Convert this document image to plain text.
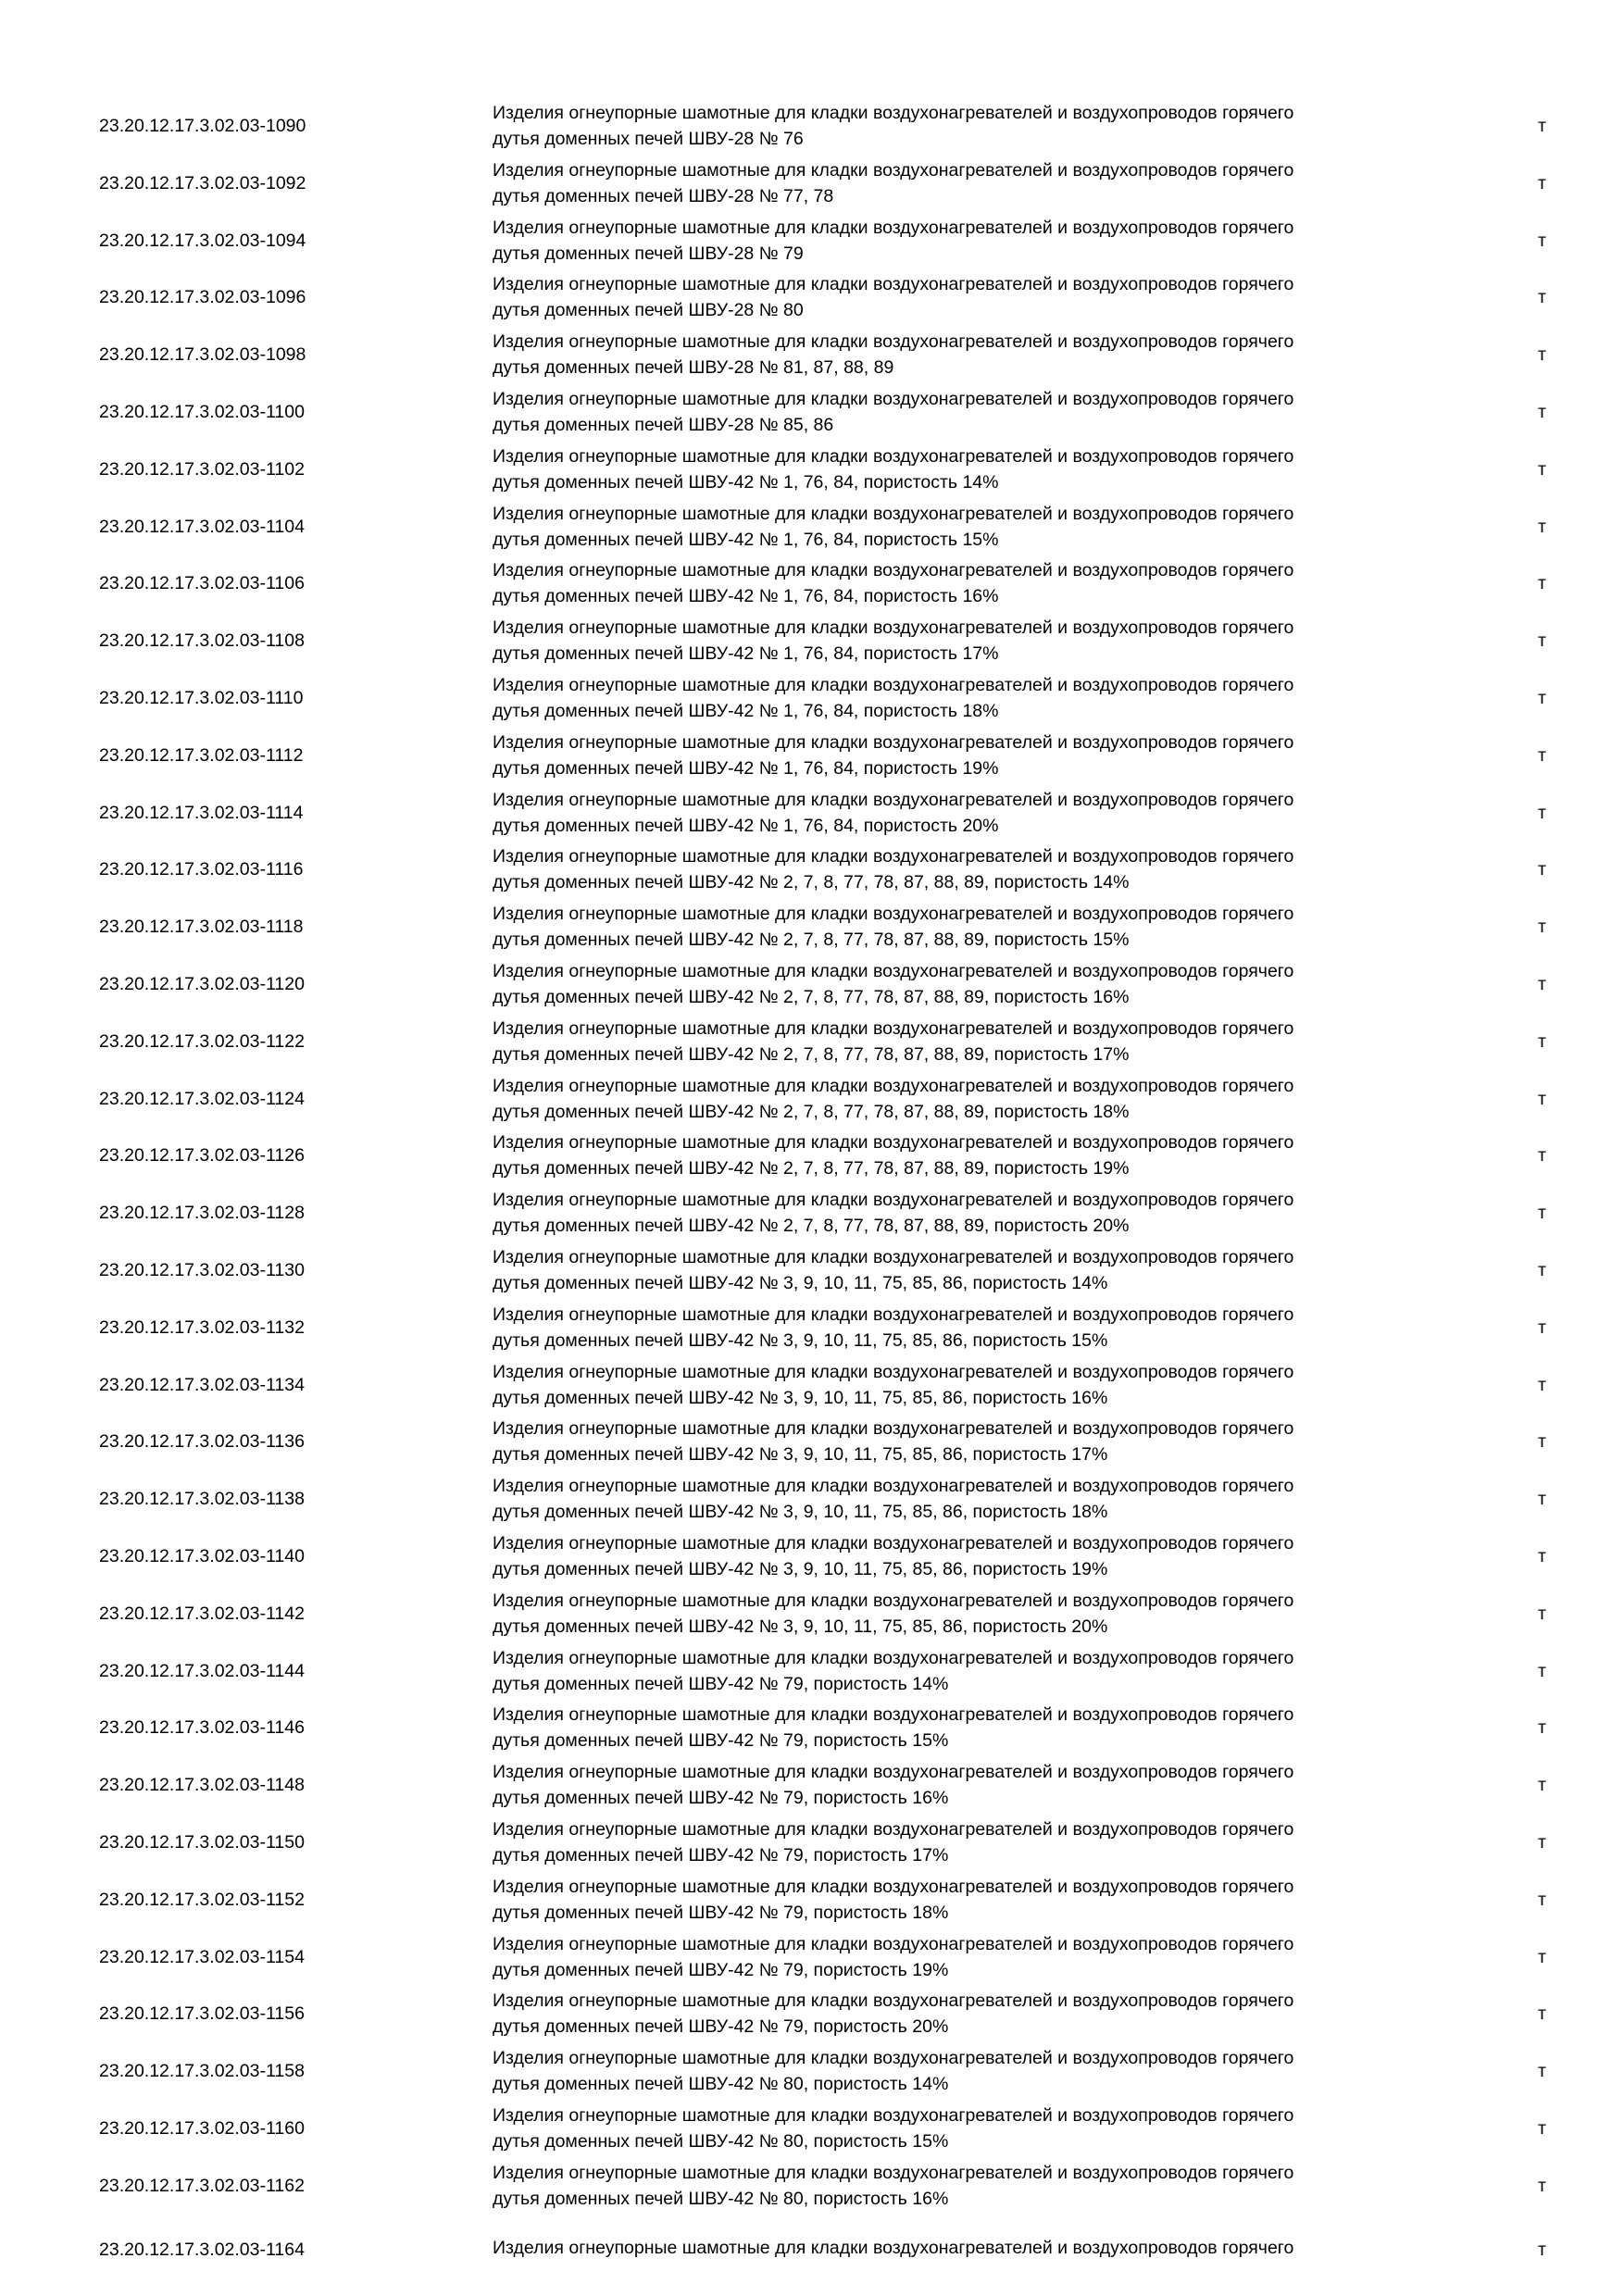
23.20.12.17.3.02.03-1090
Изделия огнеупорные шамотные для кладки воздухонагревателей и воздухопроводов горячего
дутья доменных печей ШВУ-28 № 76
т
23.20.12.17.3.02.03-1092
Изделия огнеупорные шамотные для кладки воздухонагревателей и воздухопроводов горячего
дутья доменных печей ШВУ-28 № 77, 78
т
23.20.12.17.3.02.03-1094
Изделия огнеупорные шамотные для кладки воздухонагревателей и воздухопроводов горячего
дутья доменных печей ШВУ-28 № 79
т
23.20.12.17.3.02.03-1096
Изделия огнеупорные шамотные для кладки воздухонагревателей и воздухопроводов горячего
дутья доменных печей ШВУ-28 № 80
т
23.20.12.17.3.02.03-1098
Изделия огнеупорные шамотные для кладки воздухонагревателей и воздухопроводов горячего
дутья доменных печей ШВУ-28 № 81, 87, 88, 89
т
23.20.12.17.3.02.03-1100
Изделия огнеупорные шамотные для кладки воздухонагревателей и воздухопроводов горячего
дутья доменных печей ШВУ-28 № 85, 86
т
23.20.12.17.3.02.03-1102
Изделия огнеупорные шамотные для кладки воздухонагревателей и воздухопроводов горячего
дутья доменных печей ШВУ-42 № 1, 76, 84, пористость 14%
т
23.20.12.17.3.02.03-1104
Изделия огнеупорные шамотные для кладки воздухонагревателей и воздухопроводов горячего
дутья доменных печей ШВУ-42 № 1, 76, 84, пористость 15%
т
23.20.12.17.3.02.03-1106
Изделия огнеупорные шамотные для кладки воздухонагревателей и воздухопроводов горячего
дутья доменных печей ШВУ-42 № 1, 76, 84, пористость 16%
т
23.20.12.17.3.02.03-1108
Изделия огнеупорные шамотные для кладки воздухонагревателей и воздухопроводов горячего
дутья доменных печей ШВУ-42 № 1, 76, 84, пористость 17%
т
23.20.12.17.3.02.03-1110
Изделия огнеупорные шамотные для кладки воздухонагревателей и воздухопроводов горячего
дутья доменных печей ШВУ-42 № 1, 76, 84, пористость 18%
т
23.20.12.17.3.02.03-1112
Изделия огнеупорные шамотные для кладки воздухонагревателей и воздухопроводов горячего
дутья доменных печей ШВУ-42 № 1, 76, 84, пористость 19%
т
23.20.12.17.3.02.03-1114
Изделия огнеупорные шамотные для кладки воздухонагревателей и воздухопроводов горячего
дутья доменных печей ШВУ-42 № 1, 76, 84, пористость 20%
т
23.20.12.17.3.02.03-1116
Изделия огнеупорные шамотные для кладки воздухонагревателей и воздухопроводов горячего
дутья доменных печей ШВУ-42 № 2, 7, 8, 77, 78, 87, 88, 89, пористость 14%
т
23.20.12.17.3.02.03-1118
Изделия огнеупорные шамотные для кладки воздухонагревателей и воздухопроводов горячего
дутья доменных печей ШВУ-42 № 2, 7, 8, 77, 78, 87, 88, 89, пористость 15%
т
23.20.12.17.3.02.03-1120
Изделия огнеупорные шамотные для кладки воздухонагревателей и воздухопроводов горячего
дутья доменных печей ШВУ-42 № 2, 7, 8, 77, 78, 87, 88, 89, пористость 16%
т
23.20.12.17.3.02.03-1122
Изделия огнеупорные шамотные для кладки воздухонагревателей и воздухопроводов горячего
дутья доменных печей ШВУ-42 № 2, 7, 8, 77, 78, 87, 88, 89, пористость 17%
т
23.20.12.17.3.02.03-1124
Изделия огнеупорные шамотные для кладки воздухонагревателей и воздухопроводов горячего
дутья доменных печей ШВУ-42 № 2, 7, 8, 77, 78, 87, 88, 89, пористость 18%
т
23.20.12.17.3.02.03-1126
Изделия огнеупорные шамотные для кладки воздухонагревателей и воздухопроводов горячего
дутья доменных печей ШВУ-42 № 2, 7, 8, 77, 78, 87, 88, 89, пористость 19%
т
23.20.12.17.3.02.03-1128
Изделия огнеупорные шамотные для кладки воздухонагревателей и воздухопроводов горячего
дутья доменных печей ШВУ-42 № 2, 7, 8, 77, 78, 87, 88, 89, пористость 20%
т
23.20.12.17.3.02.03-1130
Изделия огнеупорные шамотные для кладки воздухонагревателей и воздухопроводов горячего
дутья доменных печей ШВУ-42 № 3, 9, 10, 11, 75, 85, 86, пористость 14%
т
23.20.12.17.3.02.03-1132
Изделия огнеупорные шамотные для кладки воздухонагревателей и воздухопроводов горячего
дутья доменных печей ШВУ-42 № 3, 9, 10, 11, 75, 85, 86, пористость 15%
т
23.20.12.17.3.02.03-1134
Изделия огнеупорные шамотные для кладки воздухонагревателей и воздухопроводов горячего
дутья доменных печей ШВУ-42 № 3, 9, 10, 11, 75, 85, 86, пористость 16%
т
23.20.12.17.3.02.03-1136
Изделия огнеупорные шамотные для кладки воздухонагревателей и воздухопроводов горячего
дутья доменных печей ШВУ-42 № 3, 9, 10, 11, 75, 85, 86, пористость 17%
т
23.20.12.17.3.02.03-1138
Изделия огнеупорные шамотные для кладки воздухонагревателей и воздухопроводов горячего
дутья доменных печей ШВУ-42 № 3, 9, 10, 11, 75, 85, 86, пористость 18%
т
23.20.12.17.3.02.03-1140
Изделия огнеупорные шамотные для кладки воздухонагревателей и воздухопроводов горячего
дутья доменных печей ШВУ-42 № 3, 9, 10, 11, 75, 85, 86, пористость 19%
т
23.20.12.17.3.02.03-1142
Изделия огнеупорные шамотные для кладки воздухонагревателей и воздухопроводов горячего
дутья доменных печей ШВУ-42 № 3, 9, 10, 11, 75, 85, 86, пористость 20%
т
23.20.12.17.3.02.03-1144
Изделия огнеупорные шамотные для кладки воздухонагревателей и воздухопроводов горячего
дутья доменных печей ШВУ-42 № 79, пористость 14%
т
23.20.12.17.3.02.03-1146
Изделия огнеупорные шамотные для кладки воздухонагревателей и воздухопроводов горячего
дутья доменных печей ШВУ-42 № 79, пористость 15%
т
23.20.12.17.3.02.03-1148
Изделия огнеупорные шамотные для кладки воздухонагревателей и воздухопроводов горячего
дутья доменных печей ШВУ-42 № 79, пористость 16%
т
23.20.12.17.3.02.03-1150
Изделия огнеупорные шамотные для кладки воздухонагревателей и воздухопроводов горячего
дутья доменных печей ШВУ-42 № 79, пористость 17%
т
23.20.12.17.3.02.03-1152
Изделия огнеупорные шамотные для кладки воздухонагревателей и воздухопроводов горячего
дутья доменных печей ШВУ-42 № 79, пористость 18%
т
23.20.12.17.3.02.03-1154
Изделия огнеупорные шамотные для кладки воздухонагревателей и воздухопроводов горячего
дутья доменных печей ШВУ-42 № 79, пористость 19%
т
23.20.12.17.3.02.03-1156
Изделия огнеупорные шамотные для кладки воздухонагревателей и воздухопроводов горячего
дутья доменных печей ШВУ-42 № 79, пористость 20%
т
23.20.12.17.3.02.03-1158
Изделия огнеупорные шамотные для кладки воздухонагревателей и воздухопроводов горячего
дутья доменных печей ШВУ-42 № 80, пористость 14%
т
23.20.12.17.3.02.03-1160
Изделия огнеупорные шамотные для кладки воздухонагревателей и воздухопроводов горячего
дутья доменных печей ШВУ-42 № 80, пористость 15%
т
23.20.12.17.3.02.03-1162
Изделия огнеупорные шамотные для кладки воздухонагревателей и воздухопроводов горячего
дутья доменных печей ШВУ-42 № 80, пористость 16%
т
23.20.12.17.3.02.03-1164	Изделия огнеупорные шамотные для кладки воздухонагревателей и воздухопроводов горячего	т
